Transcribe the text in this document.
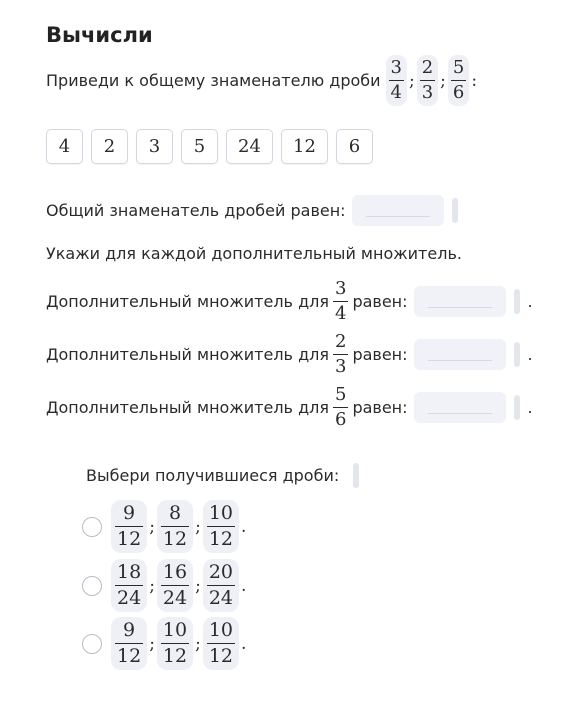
Вычисли
Приведи к общему знаменателю дроби $\frac{3}{4}$ ; $\frac{2}{3}$ ; $\frac{5}{6}$ :
4	2	3	5	24	12	6
Общий знаменатель дробей равен:
Укажи для каждой дополнительный множитель.
Дополнительный множитель для $\frac{3}{4}$ равен:	.
Дополнительный множитель для $\frac{2}{3}$ равен:	.
Дополнительный множитель для $\frac{5}{6}$ равен:	.
Выбери получившиеся дроби:
$\frac{9}{12}$ ; $\frac{8}{12}$ ; $\frac{10}{12}$ .
$\frac{18}{24}$ ; $\frac{16}{24}$ ; $\frac{20}{24}$ .
$\frac{9}{12}$ ; $\frac{10}{12}$ ; $\frac{10}{12}$ .
